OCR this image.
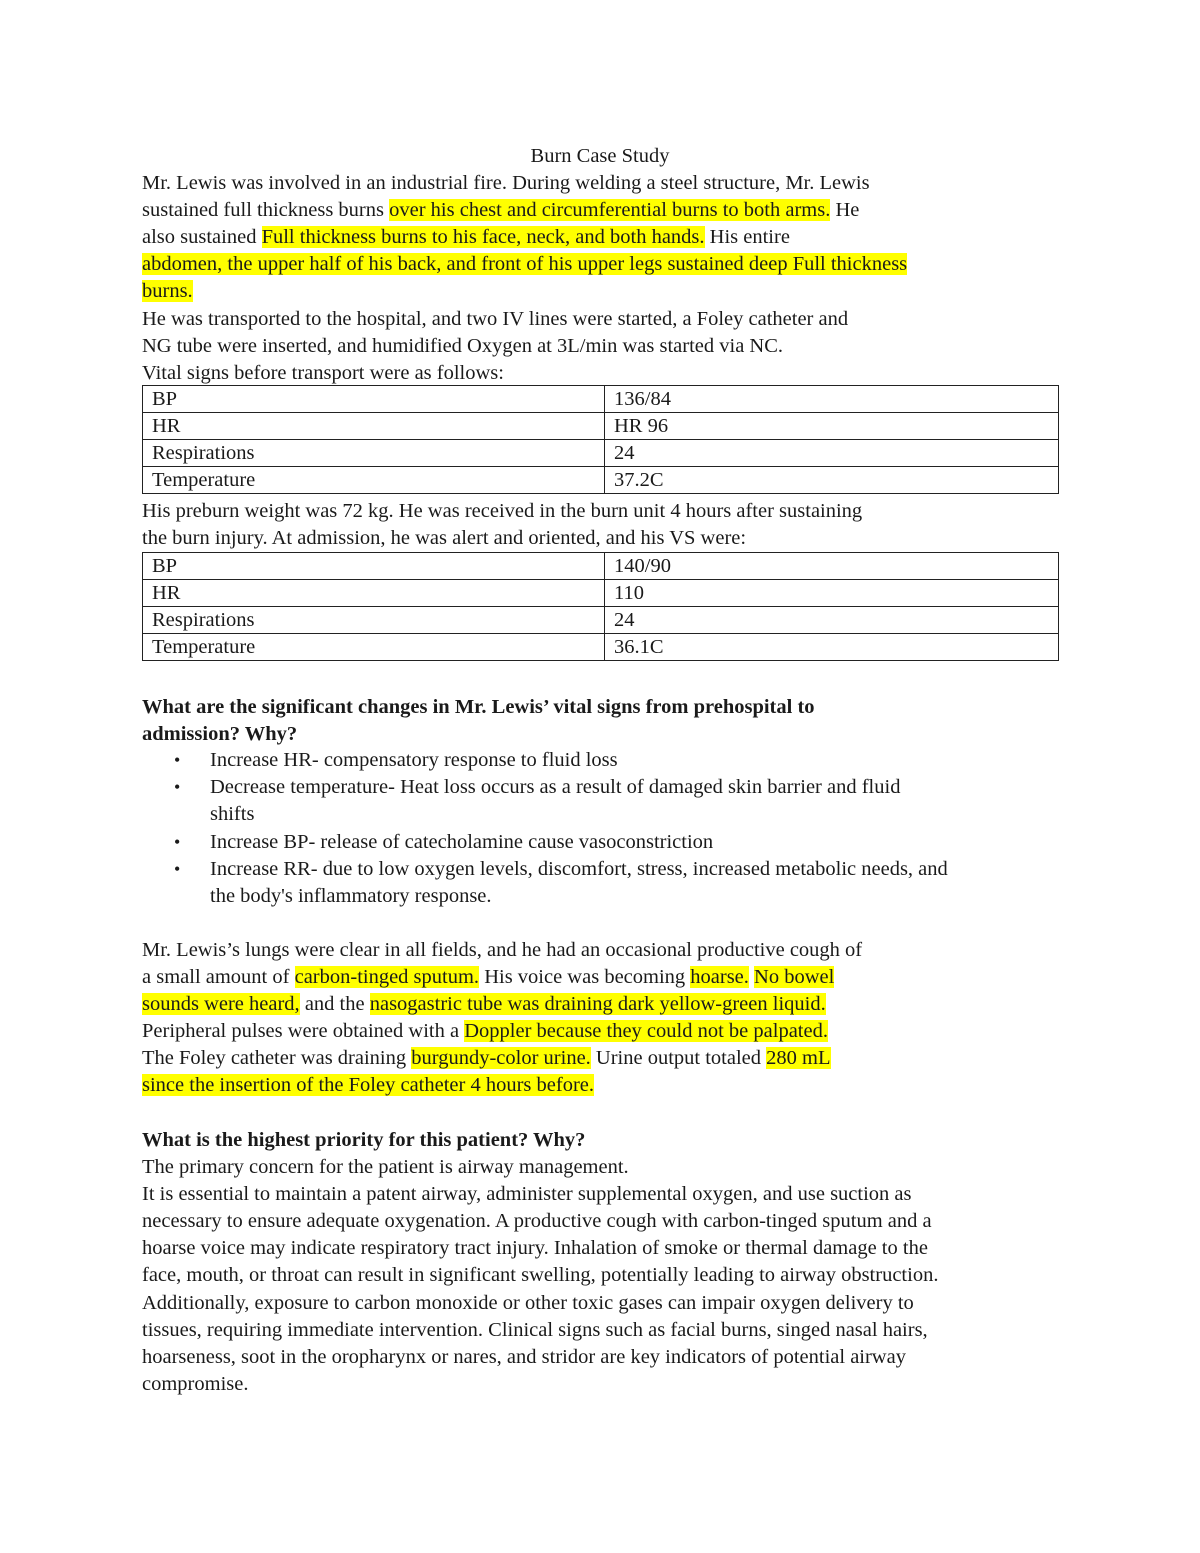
Burn Case Study
Mr. Lewis was involved in an industrial fire. During welding a steel structure, Mr. Lewis
sustained full thickness burns over his chest and circumferential burns to both arms. He
also sustained Full thickness burns to his face, neck, and both hands. His entire
abdomen, the upper half of his back, and front of his upper legs sustained deep Full thickness
burns.
He was transported to the hospital, and two IV lines were started, a Foley catheter and
NG tube were inserted, and humidified Oxygen at 3L/min was started via NC.
Vital signs before transport were as follows:
BP	136/84
HR	HR 96
Respirations	24
Temperature	37.2C
His preburn weight was 72 kg. He was received in the burn unit 4 hours after sustaining
the burn injury. At admission, he was alert and oriented, and his VS were:
BP	140/90
HR	110
Respirations	24
Temperature	36.1C
What are the significant changes in Mr. Lewis’ vital signs from prehospital to
admission? Why?
• Increase HR- compensatory response to fluid loss
• Decrease temperature- Heat loss occurs as a result of damaged skin barrier and fluid
shifts
• Increase BP- release of catecholamine cause vasoconstriction
• Increase RR- due to low oxygen levels, discomfort, stress, increased metabolic needs, and
the body's inflammatory response.
Mr. Lewis’s lungs were clear in all fields, and he had an occasional productive cough of
a small amount of carbon-tinged sputum. His voice was becoming hoarse. No bowel
sounds were heard, and the nasogastric tube was draining dark yellow-green liquid.
Peripheral pulses were obtained with a Doppler because they could not be palpated.
The Foley catheter was draining burgundy-color urine. Urine output totaled 280 mL
since the insertion of the Foley catheter 4 hours before.
What is the highest priority for this patient? Why?
The primary concern for the patient is airway management.
It is essential to maintain a patent airway, administer supplemental oxygen, and use suction as
necessary to ensure adequate oxygenation. A productive cough with carbon-tinged sputum and a
hoarse voice may indicate respiratory tract injury. Inhalation of smoke or thermal damage to the
face, mouth, or throat can result in significant swelling, potentially leading to airway obstruction.
Additionally, exposure to carbon monoxide or other toxic gases can impair oxygen delivery to
tissues, requiring immediate intervention. Clinical signs such as facial burns, singed nasal hairs,
hoarseness, soot in the oropharynx or nares, and stridor are key indicators of potential airway
compromise.
